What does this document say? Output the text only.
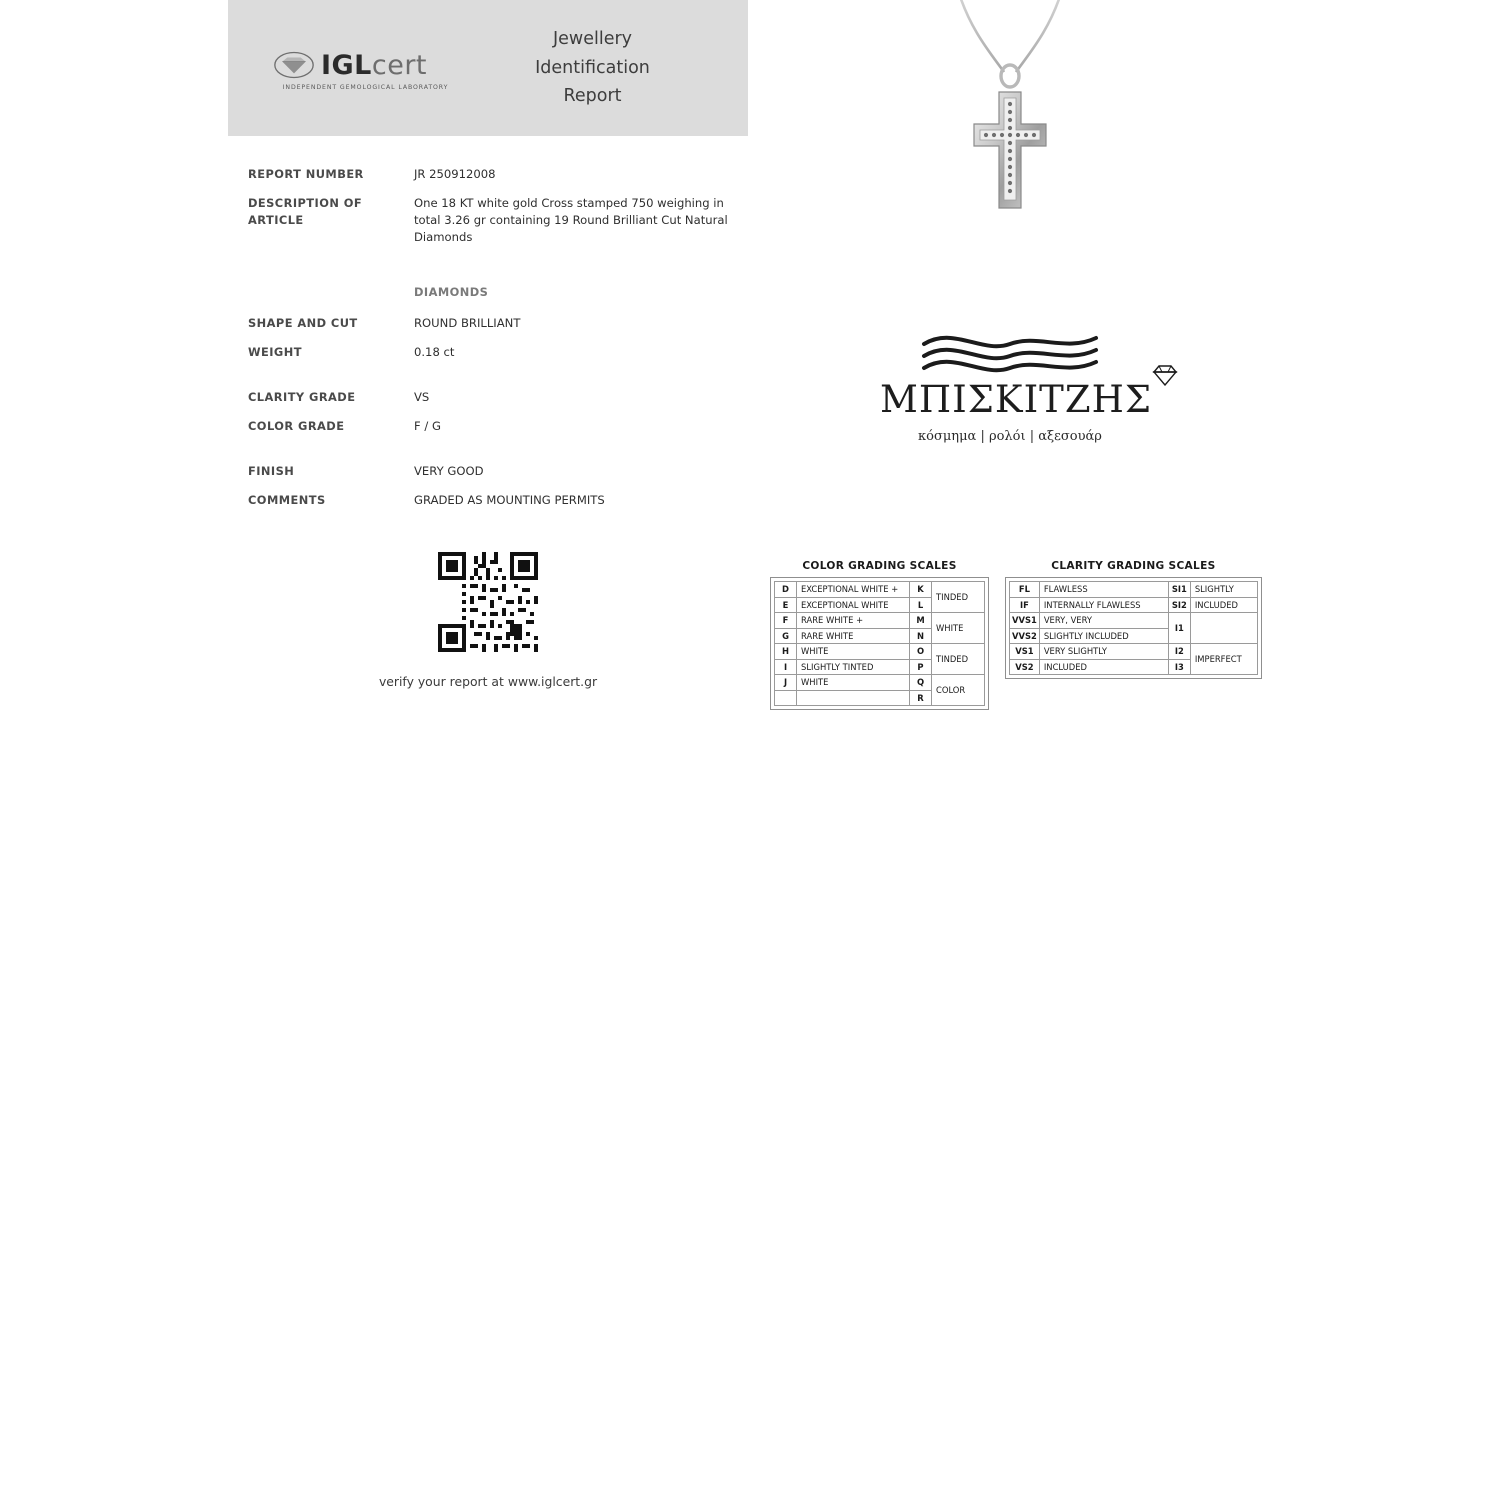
IGLcert
INDEPENDENT GEMOLOGICAL LABORATORY
Jewellery
Identification
Report
REPORT NUMBER	JR 250912008
DESCRIPTION OF ARTICLE
One 18 KT white gold Cross stamped 750 weighing in total 3.26 gr containing 19 Round Brilliant Cut Natural Diamonds
DIAMONDS
SHAPE AND CUT	ROUND BRILLIANT
WEIGHT	0.18 ct
CLARITY GRADE	VS
COLOR GRADE	F / G
FINISH	VERY GOOD
COMMENTS	GRADED AS MOUNTING PERMITS
verify your report at www.iglcert.gr
ΜΠΙΣΚΙΤΖΗΣ
κόσμημα | ρολόι | αξεσουάρ
COLOR GRADING SCALES
D	EXCEPTIONAL WHITE +	K	TINDED
E	EXCEPTIONAL WHITE	L	
F	RARE WHITE +	M	WHITE
G	RARE WHITE	N	
H	WHITE	O	TINDED
I	SLIGHTLY TINTED	P	
J	WHITE	Q	COLOR
		R	
CLARITY GRADING SCALES
FL	FLAWLESS	SI1	SLIGHTLY
IF	INTERNALLY FLAWLESS	SI2	INCLUDED
VVS1	VERY, VERY	I1	
VVS2	SLIGHTLY INCLUDED		
VS1	VERY SLIGHTLY	I2	IMPERFECT
VS2	INCLUDED	I3	
